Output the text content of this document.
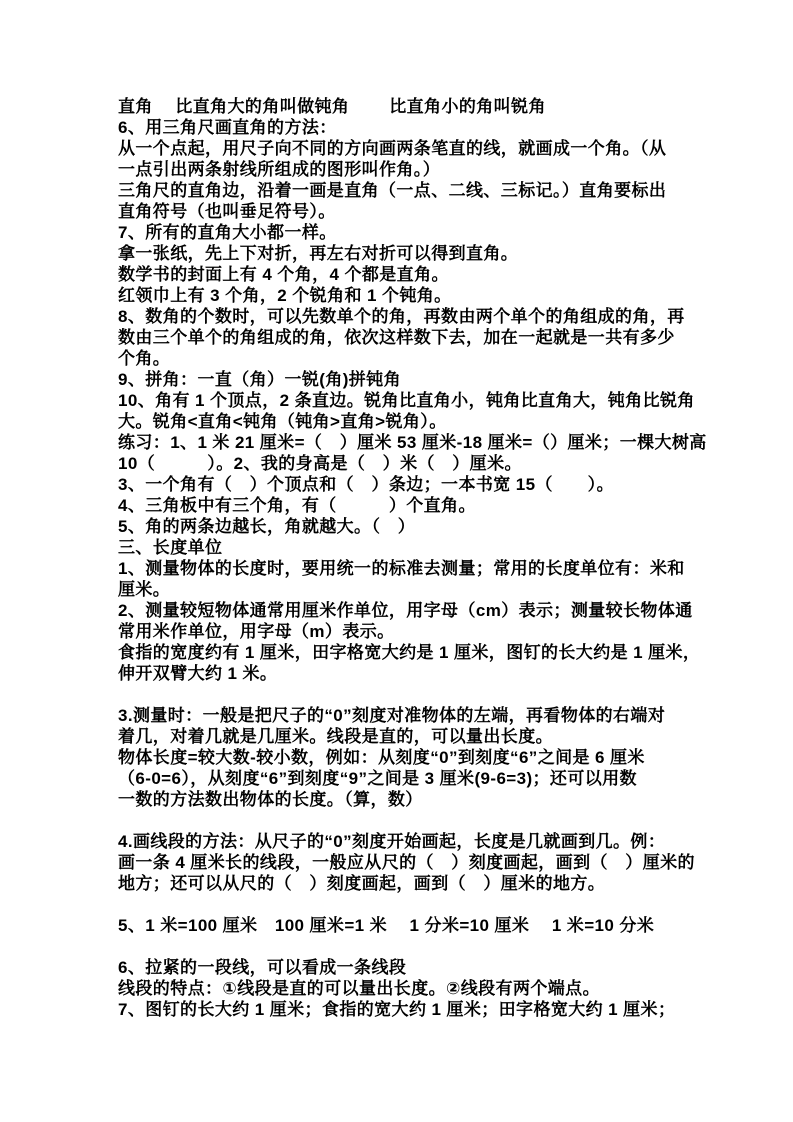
直角　 比直角大的角叫做钝角　　 比直角小的角叫锐角
6、用三角尺画直角的方法：
从一个点起，用尺子向不同的方向画两条笔直的线，就画成一个角。（从
一点引出两条射线所组成的图形叫作角。）
三角尺的直角边，沿着一画是直角（一点、二线、三标记。）直角要标出
直角符号（也叫垂足符号）。
7、所有的直角大小都一样。
拿一张纸，先上下对折，再左右对折可以得到直角。
数学书的封面上有 4 个角，4 个都是直角。
红领巾上有 3 个角，2 个锐角和 1 个钝角。
8、数角的个数时，可以先数单个的角，再数由两个单个的角组成的角，再
数由三个单个的角组成的角，依次这样数下去，加在一起就是一共有多少
个角。
9、拼角：一直（角）一锐(角)拼钝角
10、角有 1 个顶点，2 条直边。锐角比直角小，钝角比直角大，钝角比锐角
大。锐角<直角<钝角（钝角>直角>锐角）。
练习：1、1 米 21 厘米=（　）厘米 53 厘米-18 厘米=（）厘米；一棵大树高
10（　　　）。2、我的身高是（　）米（　）厘米。
3、一个角有（　）个顶点和（　）条边；一本书宽 15（　　）。
4、三角板中有三个角，有（　　　）个直角。
5、角的两条边越长，角就越大。（　）
三、长度单位
1、测量物体的长度时，要用统一的标准去测量；常用的长度单位有：米和
厘米。
2、测量较短物体通常用厘米作单位，用字母（cm）表示；测量较长物体通
常用米作单位，用字母（m）表示。
食指的宽度约有 1 厘米，田字格宽大约是 1 厘米，图钉的长大约是 1 厘米，
伸开双臂大约 1 米。
3.测量时：一般是把尺子的“0”刻度对准物体的左端，再看物体的右端对
着几，对着几就是几厘米。线段是直的，可以量出长度。
物体长度=较大数-较小数，例如：从刻度“0”到刻度“6”之间是 6 厘米
（6-0=6），从刻度“6”到刻度“9”之间是 3 厘米(9-6=3)；还可以用数
一数的方法数出物体的长度。（算，数）
4.画线段的方法：从尺子的“0”刻度开始画起，长度是几就画到几。例：
画一条 4 厘米长的线段，一般应从尺的（　）刻度画起，画到（　）厘米的
地方；还可以从尺的（　）刻度画起，画到（　）厘米的地方。
5、1 米=100 厘米　100 厘米=1 米　 1 分米=10 厘米　 1 米=10 分米
6、拉紧的一段线，可以看成一条线段
线段的特点：①线段是直的可以量出长度。②线段有两个端点。
7、图钉的长大约 1 厘米；食指的宽大约 1 厘米；田字格宽大约 1 厘米；
